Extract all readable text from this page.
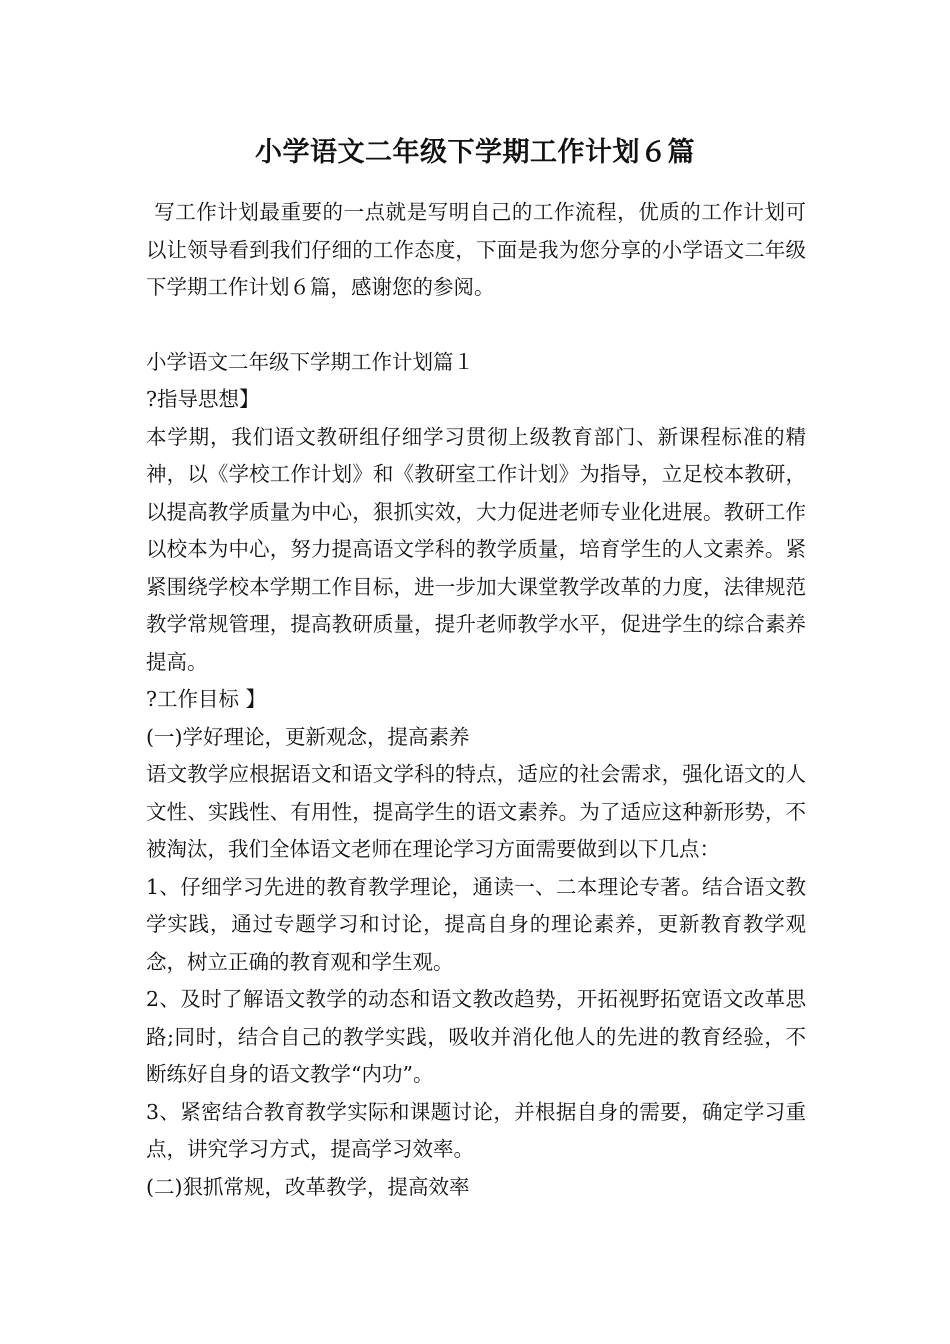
小学语文二年级下学期工作计划６篇

写工作计划最重要的一点就是写明自己的工作流程，优质的工作计划可以让领导看到我们仔细的工作态度，下面是我为您分享的小学语文二年级下学期工作计划６篇，感谢您的参阅。

小学语文二年级下学期工作计划篇１

?指导思想】

本学期，我们语文教研组仔细学习贯彻上级教育部门、新课程标准的精神，以《学校工作计划》和《教研室工作计划》为指导，立足校本教研，以提高教学质量为中心，狠抓实效，大力促进老师专业化进展。教研工作以校本为中心，努力提高语文学科的教学质量，培育学生的人文素养。紧紧围绕学校本学期工作目标，进一步加大课堂教学改革的力度，法律规范教学常规管理，提高教研质量，提升老师教学水平，促进学生的综合素养提高。

?工作目标 】

(一)学好理论，更新观念，提高素养

语文教学应根据语文和语文学科的特点，适应的社会需求，强化语文的人文性、实践性、有用性，提高学生的语文素养。为了适应这种新形势，不被淘汰，我们全体语文老师在理论学习方面需要做到以下几点：

1、仔细学习先进的教育教学理论，通读一、二本理论专著。结合语文教学实践，通过专题学习和讨论，提高自身的理论素养，更新教育教学观念，树立正确的教育观和学生观。

2、及时了解语文教学的动态和语文教改趋势，开拓视野拓宽语文改革思路;同时，结合自己的教学实践，吸收并消化他人的先进的教育经验，不断练好自身的语文教学“内功”。

3、紧密结合教育教学实际和课题讨论，并根据自身的需要，确定学习重点，讲究学习方式，提高学习效率。

(二)狠抓常规，改革教学，提高效率
